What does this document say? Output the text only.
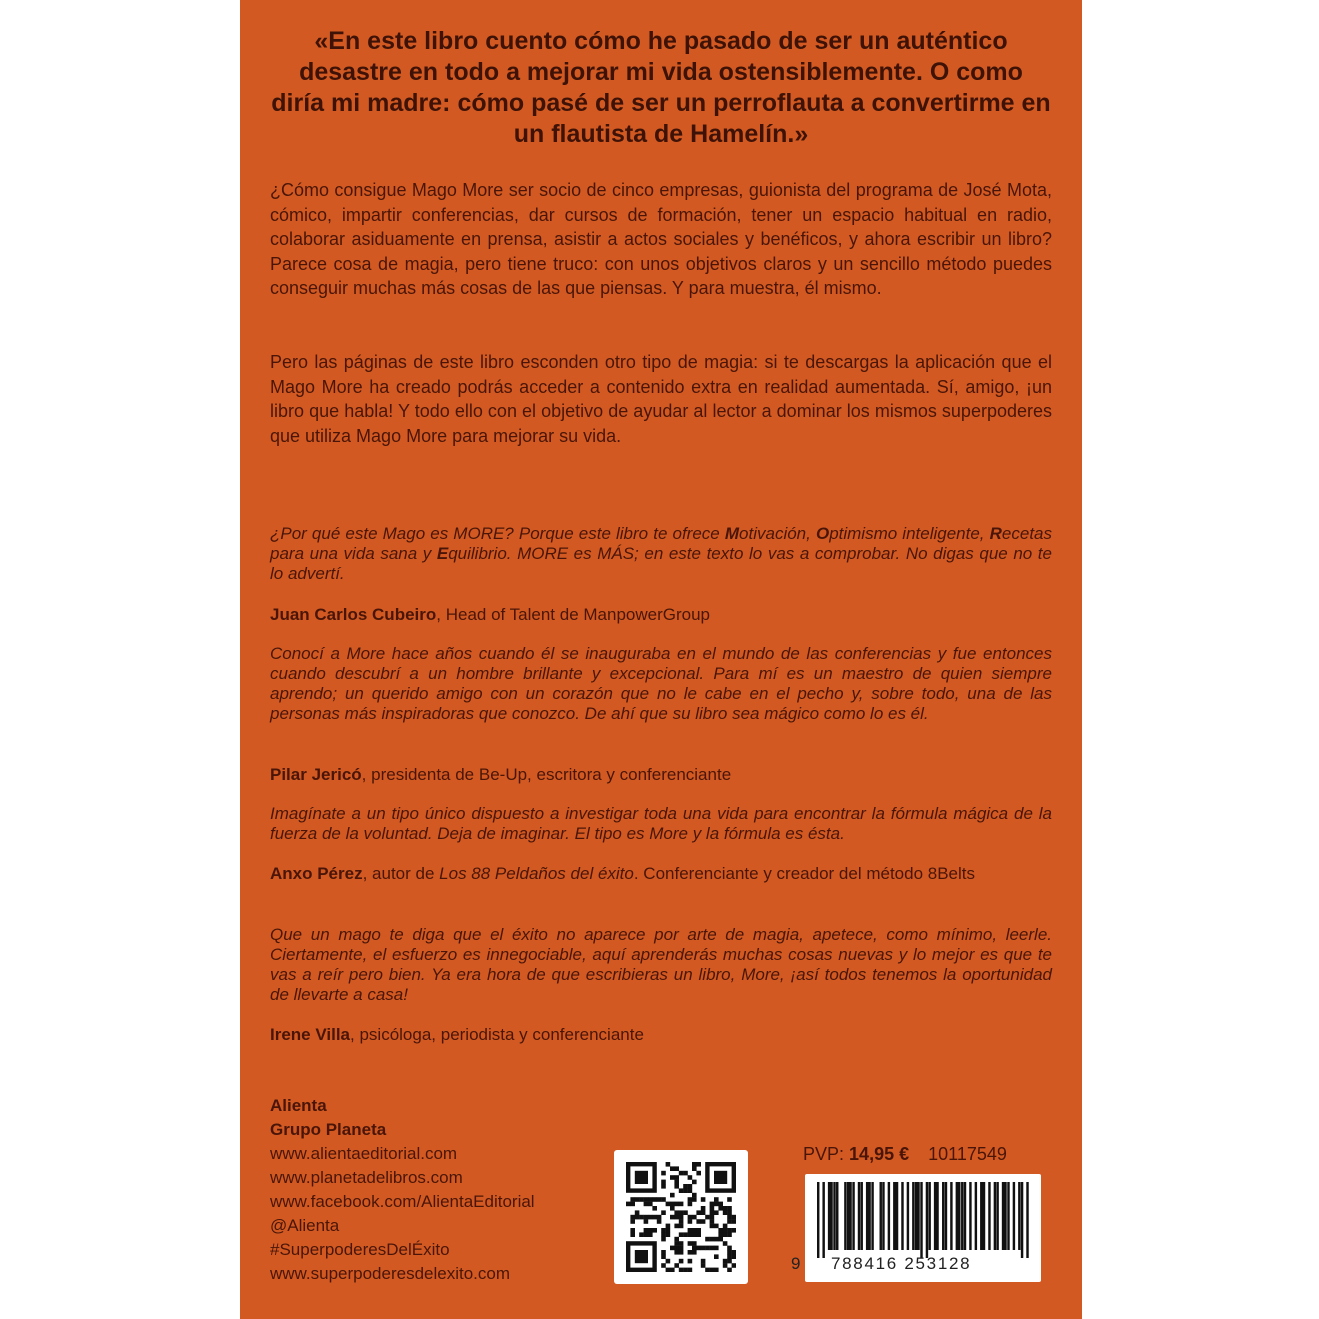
«En este libro cuento cómo he pasado de ser un auténtico desastre en todo a mejorar mi vida ostensiblemente. O como diría mi madre: cómo pasé de ser un perroflauta a convertirme en un flautista de Hamelín.»
¿Cómo consigue Mago More ser socio de cinco empresas, guionista del programa de José Mota, cómico, impartir conferencias, dar cursos de formación, tener un espacio habitual en radio, colaborar asiduamente en prensa, asistir a actos sociales y benéficos, y ahora escribir un libro? Parece cosa de magia, pero tiene truco: con unos objetivos claros y un sencillo método puedes conseguir muchas más cosas de las que piensas. Y para muestra, él mismo.
Pero las páginas de este libro esconden otro tipo de magia: si te descargas la aplicación que el Mago More ha creado podrás acceder a contenido extra en realidad aumentada. Sí, amigo, ¡un libro que habla! Y todo ello con el objetivo de ayudar al lector a dominar los mismos superpoderes que utiliza Mago More para mejorar su vida.
¿Por qué este Mago es MORE? Porque este libro te ofrece Motivación, Optimismo inteligente, Recetas para una vida sana y Equilibrio. MORE es MÁS; en este texto lo vas a comprobar. No digas que no te lo advertí.
Juan Carlos Cubeiro, Head of Talent de ManpowerGroup
Conocí a More hace años cuando él se inauguraba en el mundo de las conferencias y fue entonces cuando descubrí a un hombre brillante y excepcional. Para mí es un maestro de quien siempre aprendo; un querido amigo con un corazón que no le cabe en el pecho y, sobre todo, una de las personas más inspiradoras que conozco. De ahí que su libro sea mágico como lo es él.
Pilar Jericó, presidenta de Be-Up, escritora y conferenciante
Imagínate a un tipo único dispuesto a investigar toda una vida para encontrar la fórmula mágica de la fuerza de la voluntad. Deja de imaginar. El tipo es More y la fórmula es ésta.
Anxo Pérez, autor de Los 88 Peldaños del éxito. Conferenciante y creador del método 8Belts
Que un mago te diga que el éxito no aparece por arte de magia, apetece, como mínimo, leerle. Ciertamente, el esfuerzo es innegociable, aquí aprenderás muchas cosas nuevas y lo mejor es que te vas a reír pero bien. Ya era hora de que escribieras un libro, More, ¡así todos tenemos la oportunidad de llevarte a casa!
Irene Villa, psicóloga, periodista y conferenciante
Alienta
Grupo Planeta
www.alientaeditorial.com
www.planetadelibros.com
www.facebook.com/AlientaEditorial
@Alienta
#SuperpoderesDelÉxito
www.superpoderesdelexito.com
PVP: 14,95 € 10117549
9 788416 253128
